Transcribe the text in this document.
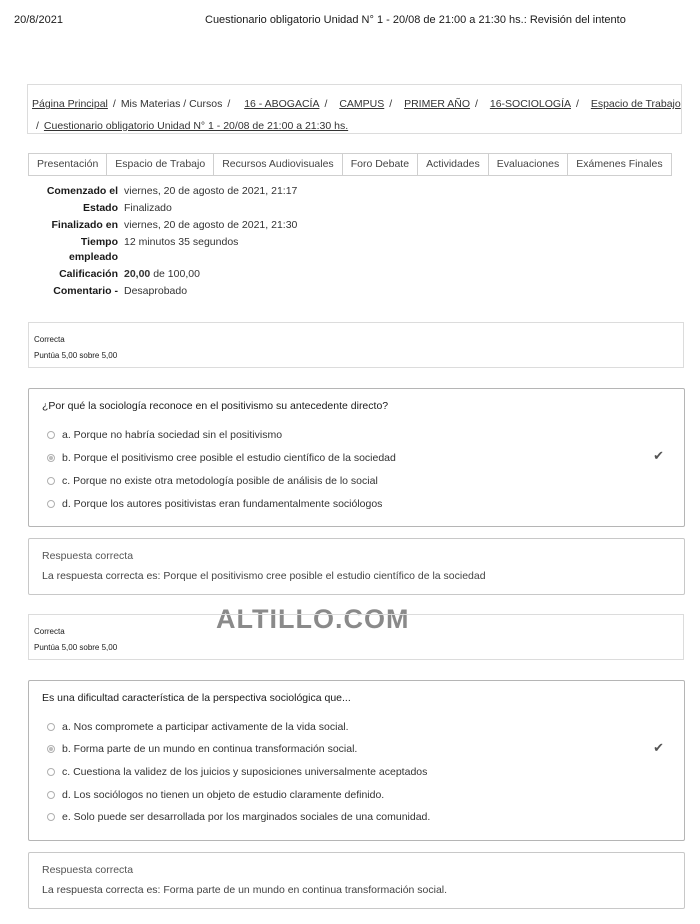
20/8/2021	Cuestionario obligatorio Unidad N° 1 - 20/08 de 21:00 a 21:30 hs.: Revisión del intento
Página Principal / Mis Materias / Cursos / 16 - ABOGACÍA / CAMPUS / PRIMER AÑO / 16-SOCIOLOGÍA / Espacio de Trabajo
/ Cuestionario obligatorio Unidad N° 1 - 20/08 de 21:00 a 21:30 hs.
Presentación	Espacio de Trabajo	Recursos Audiovisuales	Foro Debate	Actividades	Evaluaciones	Exámenes Finales
Comenzado el	viernes, 20 de agosto de 2021, 21:17
Estado	Finalizado
Finalizado en	viernes, 20 de agosto de 2021, 21:30
Tiempo
empleado	12 minutos 35 segundos
Calificación	20,00 de 100,00
Comentario -	Desaprobado
Correcta
Puntúa 5,00 sobre 5,00
¿Por qué la sociología reconoce en el positivismo su antecedente directo?
a. Porque no habría sociedad sin el positivismo
b. Porque el positivismo cree posible el estudio científico de la sociedad
c. Porque no existe otra metodología posible de análisis de lo social
d. Porque los autores positivistas eran fundamentalmente sociólogos
✔
Respuesta correcta
La respuesta correcta es: Porque el positivismo cree posible el estudio científico de la sociedad
ALTILLO.COM
Correcta
Puntúa 5,00 sobre 5,00
Es una dificultad característica de la perspectiva sociológica que...
a. Nos compromete a participar activamente de la vida social.
b. Forma parte de un mundo en continua transformación social.
c. Cuestiona la validez de los juicios y suposiciones universalmente aceptados
d. Los sociólogos no tienen un objeto de estudio claramente definido.
e. Solo puede ser desarrollada por los marginados sociales de una comunidad.
✔
Respuesta correcta
La respuesta correcta es: Forma parte de un mundo en continua transformación social.
